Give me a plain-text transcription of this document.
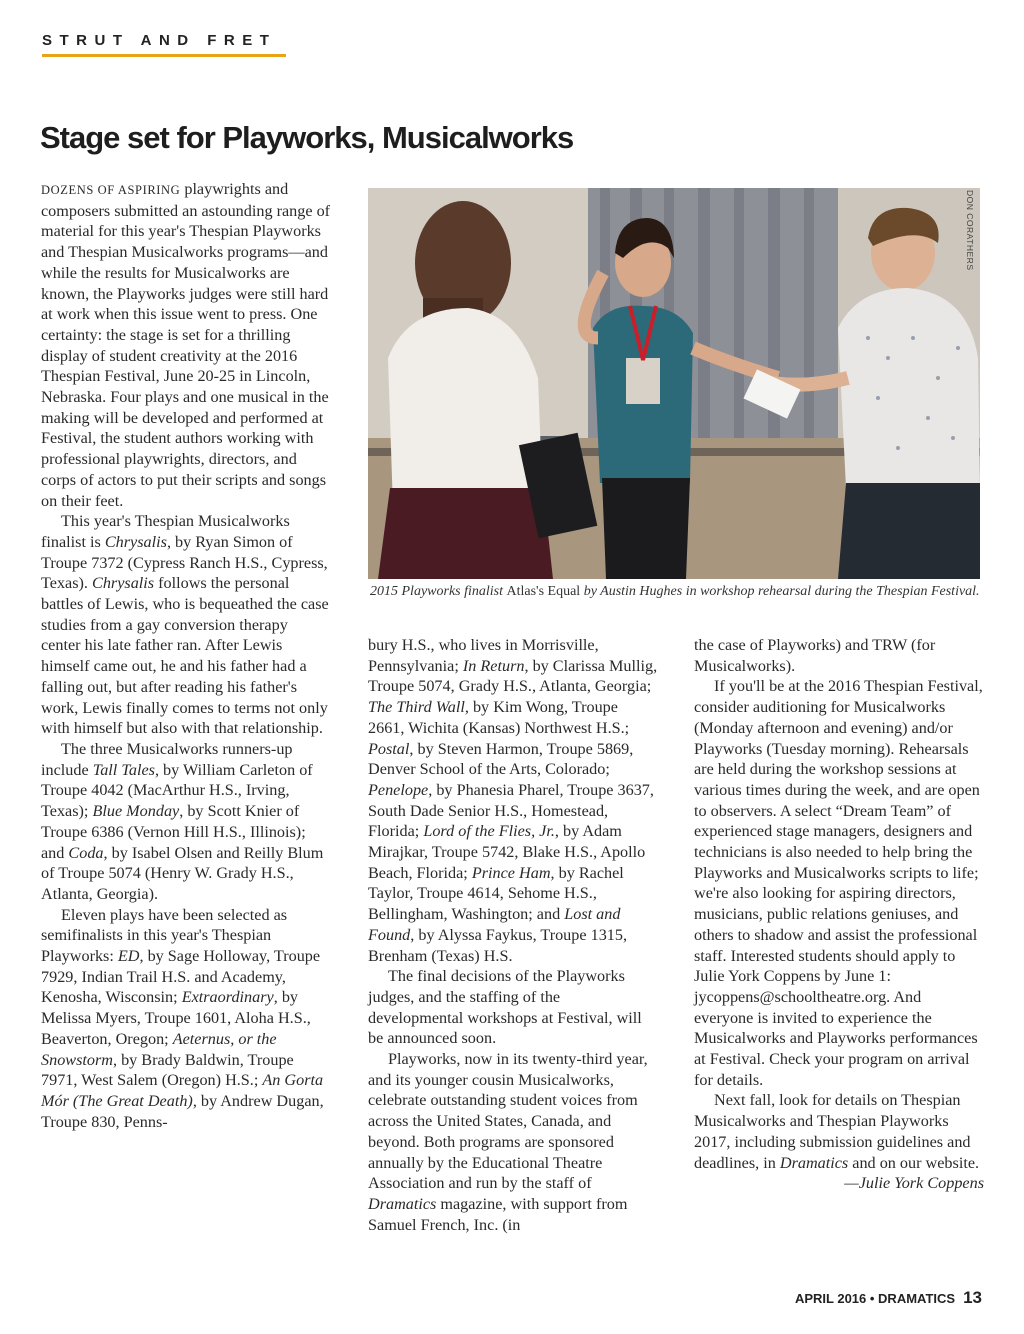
STRUT AND FRET
Stage set for Playworks, Musicalworks

DOZENS OF ASPIRING playwrights and composers submitted an astounding range of material for this year's Thespian Playworks and Thespian Musicalworks programs—and while the results for Musicalworks are known, the Playworks judges were still hard at work when this issue went to press. One certainty: the stage is set for a thrilling display of student creativity at the 2016 Thespian Festival, June 20-25 in Lincoln, Nebraska. Four plays and one musical in the making will be developed and performed at Festival, the student authors working with professional playwrights, directors, and corps of actors to put their scripts and songs on their feet.

This year's Thespian Musicalworks finalist is Chrysalis, by Ryan Simon of Troupe 7372 (Cypress Ranch H.S., Cypress, Texas). Chrysalis follows the personal battles of Lewis, who is bequeathed the case studies from a gay conversion therapy center his late father ran. After Lewis himself came out, he and his father had a falling out, but after reading his father's work, Lewis finally comes to terms not only with himself but also with that relationship.

The three Musicalworks runners-up include Tall Tales, by William Carleton of Troupe 4042 (MacArthur H.S., Irving, Texas); Blue Monday, by Scott Knier of Troupe 6386 (Vernon Hill H.S., Illinois); and Coda, by Isabel Olsen and Reilly Blum of Troupe 5074 (Henry W. Grady H.S., Atlanta, Georgia).

Eleven plays have been selected as semifinalists in this year's Thespian Playworks: ED, by Sage Holloway, Troupe 7929, Indian Trail H.S. and Academy, Kenosha, Wisconsin; Extraordinary, by Melissa Myers, Troupe 1601, Aloha H.S., Beaverton, Oregon; Aeternus, or the Snowstorm, by Brady Baldwin, Troupe 7971, West Salem (Oregon) H.S.; An Gorta Mór (The Great Death), by Andrew Dugan, Troupe 830, Penns-

DON CORATHERS
2015 Playworks finalist Atlas's Equal by Austin Hughes in workshop rehearsal during the Thespian Festival.

bury H.S., who lives in Morrisville, Pennsylvania; In Return, by Clarissa Mullig, Troupe 5074, Grady H.S., Atlanta, Georgia; The Third Wall, by Kim Wong, Troupe 2661, Wichita (Kansas) Northwest H.S.; Postal, by Steven Harmon, Troupe 5869, Denver School of the Arts, Colorado; Penelope, by Phanesia Pharel, Troupe 3637, South Dade Senior H.S., Homestead, Florida; Lord of the Flies, Jr., by Adam Mirajkar, Troupe 5742, Blake H.S., Apollo Beach, Florida; Prince Ham, by Rachel Taylor, Troupe 4614, Sehome H.S., Bellingham, Washington; and Lost and Found, by Alyssa Faykus, Troupe 1315, Brenham (Texas) H.S.

The final decisions of the Playworks judges, and the staffing of the developmental workshops at Festival, will be announced soon.

Playworks, now in its twenty-third year, and its younger cousin Musicalworks, celebrate outstanding student voices from across the United States, Canada, and beyond. Both programs are sponsored annually by the Educational Theatre Association and run by the staff of Dramatics magazine, with support from Samuel French, Inc. (in

the case of Playworks) and TRW (for Musicalworks).

If you'll be at the 2016 Thespian Festival, consider auditioning for Musicalworks (Monday afternoon and evening) and/or Playworks (Tuesday morning). Rehearsals are held during the workshop sessions at various times during the week, and are open to observers. A select “Dream Team” of experienced stage managers, designers and technicians is also needed to help bring the Playworks and Musicalworks scripts to life; we're also looking for aspiring directors, musicians, public relations geniuses, and others to shadow and assist the professional staff. Interested students should apply to Julie York Coppens by June 1: jycoppens@schooltheatre.org. And everyone is invited to experience the Musicalworks and Playworks performances at Festival. Check your program on arrival for details.

Next fall, look for details on Thespian Musicalworks and Thespian Playworks 2017, including submission guidelines and deadlines, in Dramatics and on our website.

—Julie York Coppens

APRIL 2016 • DRAMATICS 13
